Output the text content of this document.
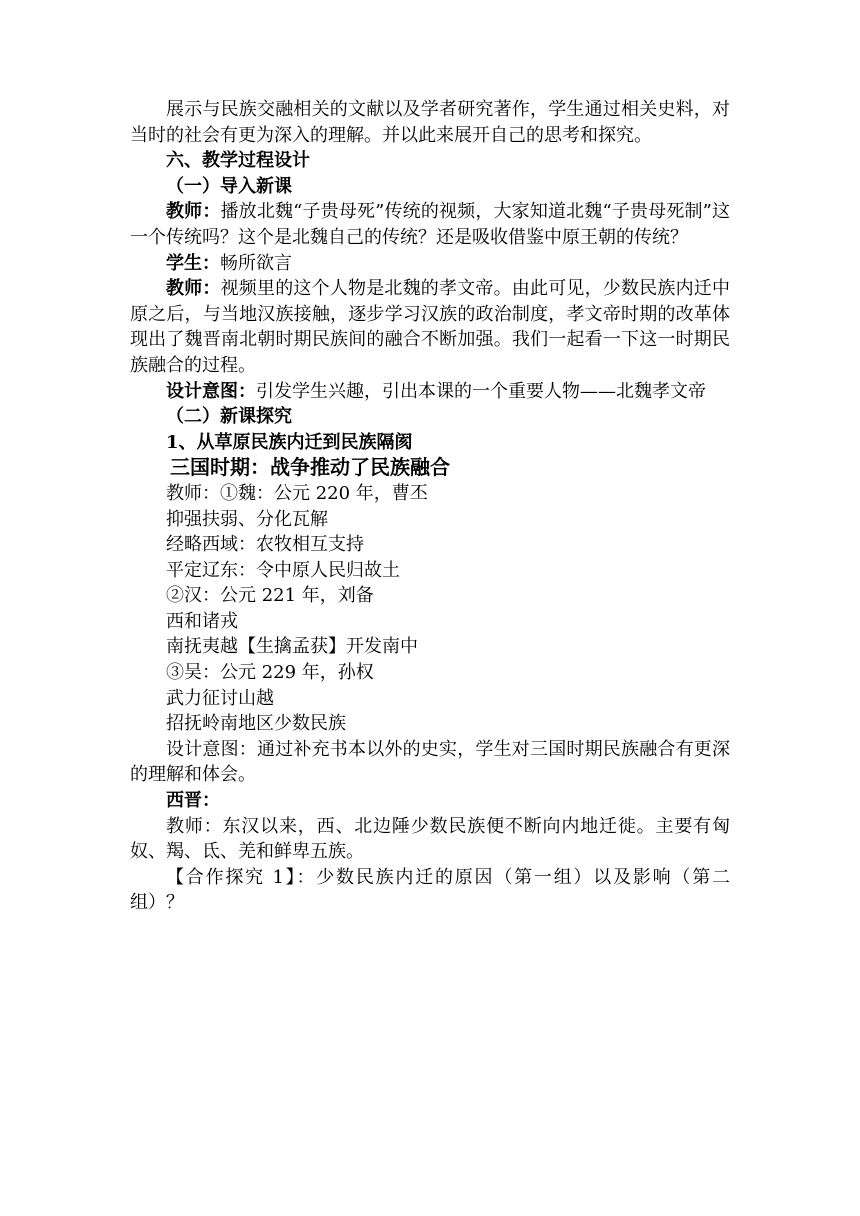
展示与民族交融相关的文献以及学者研究著作，学生通过相关史料，对当时的社会有更为深入的理解。并以此来展开自己的思考和探究。

六、教学过程设计

（一）导入新课

教师：播放北魏“子贵母死”传统的视频，大家知道北魏“子贵母死制”这一个传统吗？这个是北魏自己的传统？还是吸收借鉴中原王朝的传统？

学生：畅所欲言

教师：视频里的这个人物是北魏的孝文帝。由此可见，少数民族内迁中原之后，与当地汉族接触，逐步学习汉族的政治制度，孝文帝时期的改革体现出了魏晋南北朝时期民族间的融合不断加强。我们一起看一下这一时期民族融合的过程。

设计意图：引发学生兴趣，引出本课的一个重要人物——北魏孝文帝

（二）新课探究

1、从草原民族内迁到民族隔阂

三国时期：战争推动了民族融合

教师：①魏：公元 220 年，曹丕

抑强扶弱、分化瓦解

经略西域：农牧相互支持

平定辽东：令中原人民归故土

②汉：公元 221 年，刘备

西和诸戎

南抚夷越【生擒孟获】开发南中

③吴：公元 229 年，孙权

武力征讨山越

招抚岭南地区少数民族

设计意图：通过补充书本以外的史实，学生对三国时期民族融合有更深的理解和体会。

西晋：

教师：东汉以来，西、北边陲少数民族便不断向内地迁徙。主要有匈奴、羯、氐、羌和鲜卑五族。

【合作探究 1】：少数民族内迁的原因（第一组）以及影响（第二组）？
